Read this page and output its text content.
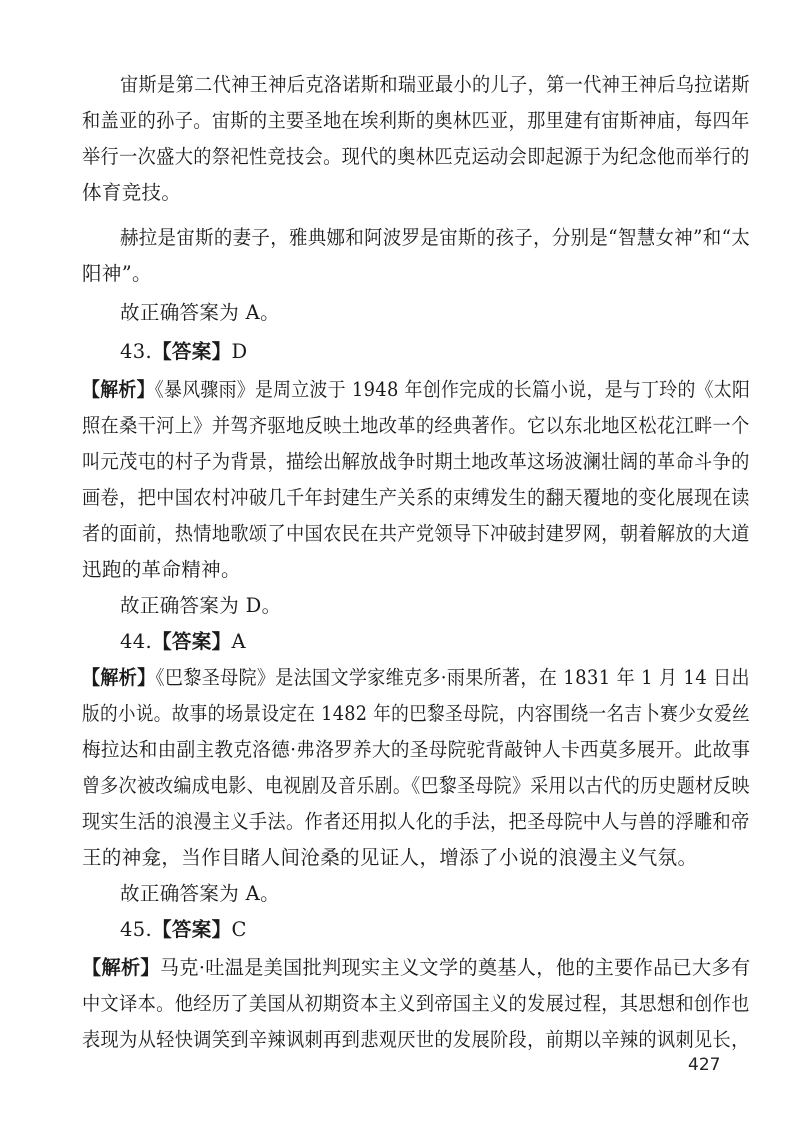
宙斯是第二代神王神后克洛诺斯和瑞亚最小的儿子，第一代神王神后乌拉诺斯
和盖亚的孙子。宙斯的主要圣地在埃利斯的奥林匹亚，那里建有宙斯神庙，每四年
举行一次盛大的祭祀性竞技会。现代的奥林匹克运动会即起源于为纪念他而举行的
体育竞技。
赫拉是宙斯的妻子，雅典娜和阿波罗是宙斯的孩子，分别是“智慧女神”和“太
阳神”。
故正确答案为 A。
43.【答案】D
【解析】《暴风骤雨》是周立波于 1948 年创作完成的长篇小说，是与丁玲的《太阳
照在桑干河上》并驾齐驱地反映土地改革的经典著作。它以东北地区松花江畔一个
叫元茂屯的村子为背景，描绘出解放战争时期土地改革这场波澜壮阔的革命斗争的
画卷，把中国农村冲破几千年封建生产关系的束缚发生的翻天覆地的变化展现在读
者的面前，热情地歌颂了中国农民在共产党领导下冲破封建罗网，朝着解放的大道
迅跑的革命精神。
故正确答案为 D。
44.【答案】A
【解析】《巴黎圣母院》是法国文学家维克多·雨果所著，在 1831 年 1 月 14 日出
版的小说。故事的场景设定在 1482 年的巴黎圣母院，内容围绕一名吉卜赛少女爱丝
梅拉达和由副主教克洛德·弗洛罗养大的圣母院驼背敲钟人卡西莫多展开。此故事
曾多次被改编成电影、电视剧及音乐剧。《巴黎圣母院》采用以古代的历史题材反映
现实生活的浪漫主义手法。作者还用拟人化的手法，把圣母院中人与兽的浮雕和帝
王的神龛，当作目睹人间沧桑的见证人，增添了小说的浪漫主义气氛。
故正确答案为 A。
45.【答案】C
【解析】马克·吐温是美国批判现实主义文学的奠基人，他的主要作品已大多有
中文译本。他经历了美国从初期资本主义到帝国主义的发展过程，其思想和创作也
表现为从轻快调笑到辛辣讽刺再到悲观厌世的发展阶段，前期以辛辣的讽刺见长，
427
